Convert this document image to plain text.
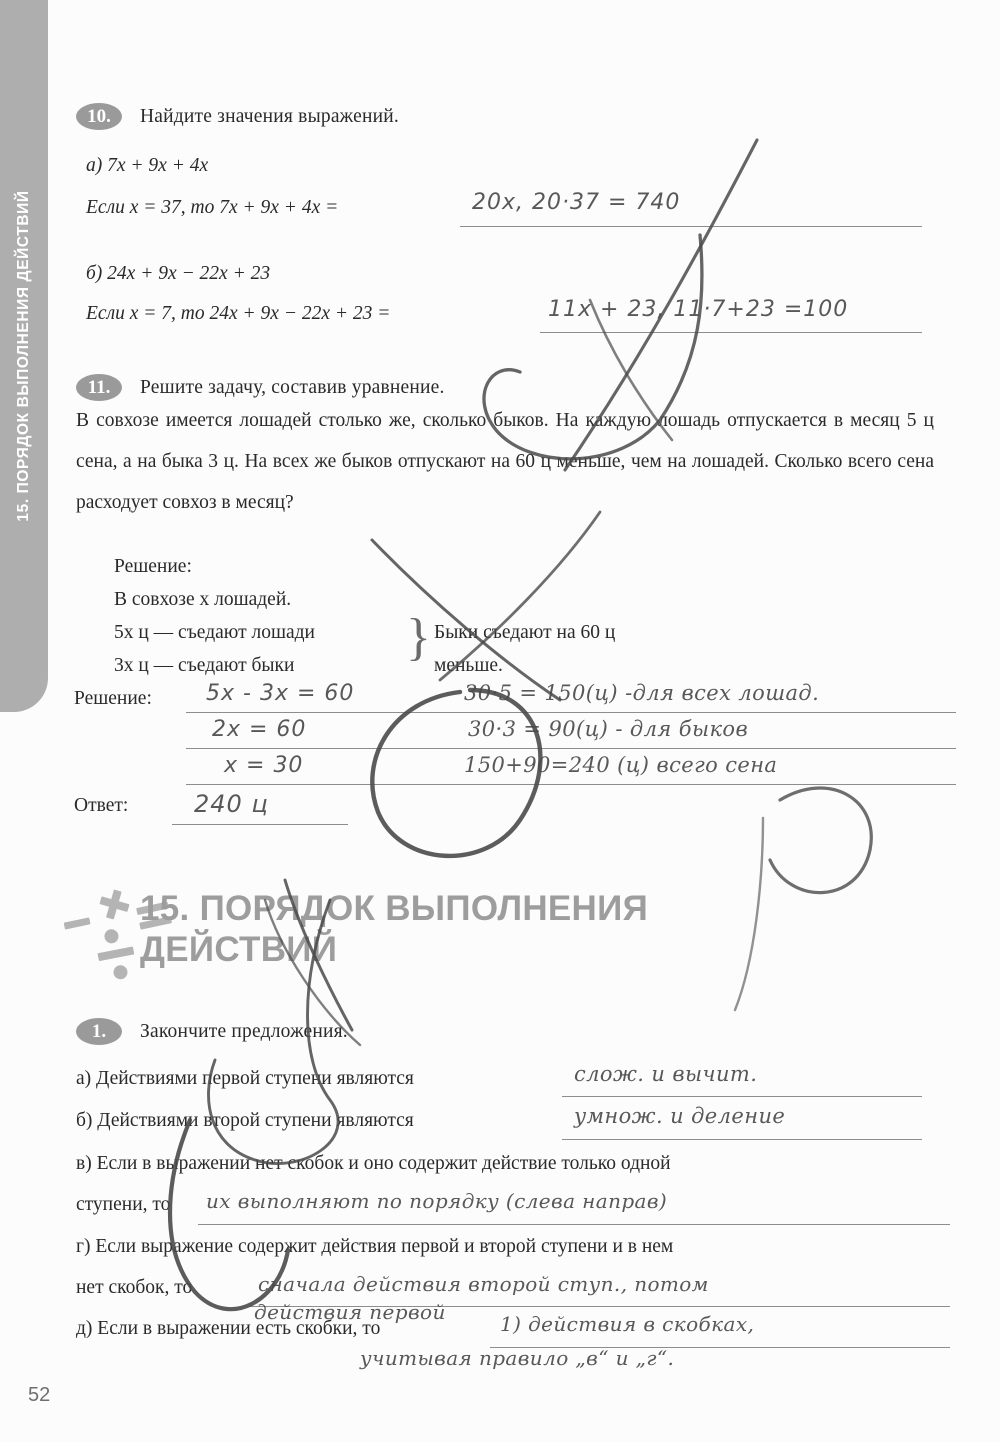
15. ПОРЯДОК ВЫПОЛНЕНИЯ ДЕЙСТВИЙ
10.	Найдите значения выражений.
а) 7x + 9x + 4x
Если x = 37, то 7x + 9x + 4x =	20x, 20·37 = 740
б) 24x + 9x − 22x + 23
Если x = 7, то 24x + 9x − 22x + 23 =	11x + 23, 11·7+23 =100
11.	Решите задачу, составив уравнение.
В совхозе имеется лошадей столько же, сколько быков. На каждую лошадь отпускается в месяц 5 ц сена, а на быка 3 ц. На всех же быков отпускают на 60 ц меньше, чем на лошадей. Сколько всего сена расходует совхоз в месяц?
Решение:
В совхозе x лошадей.
5x ц — съедают лошади
3x ц — съедают быки } Быки съедают на 60 ц
меньше.
Решение: 5x - 3x = 60
2x = 60
x = 30
30·5 = 150(ц) -для всех лошад.
30·3 = 90(ц) - для быков
150+90=240 (ц) всего сена
Ответ:	240 ц
15. ПОРЯДОК ВЫПОЛНЕНИЯ
ДЕЙСТВИЙ
1.	Закончите предложения.
а) Действиями первой ступени являются	слож. и вычит.
б) Действиями второй ступени являются	умнож. и деление
в) Если в выражении нет скобок и оно содержит действие только одной
ступени, то их выполняют по порядку (слева направ)
г) Если выражение содержит действия первой и второй ступени и в нем
нет скобок, то	сначала действия второй ступ., потом
действия первой
д) Если в выражении есть скобки, то	1) действия в скобках,
учитывая правило „в“ и „г“.
52
